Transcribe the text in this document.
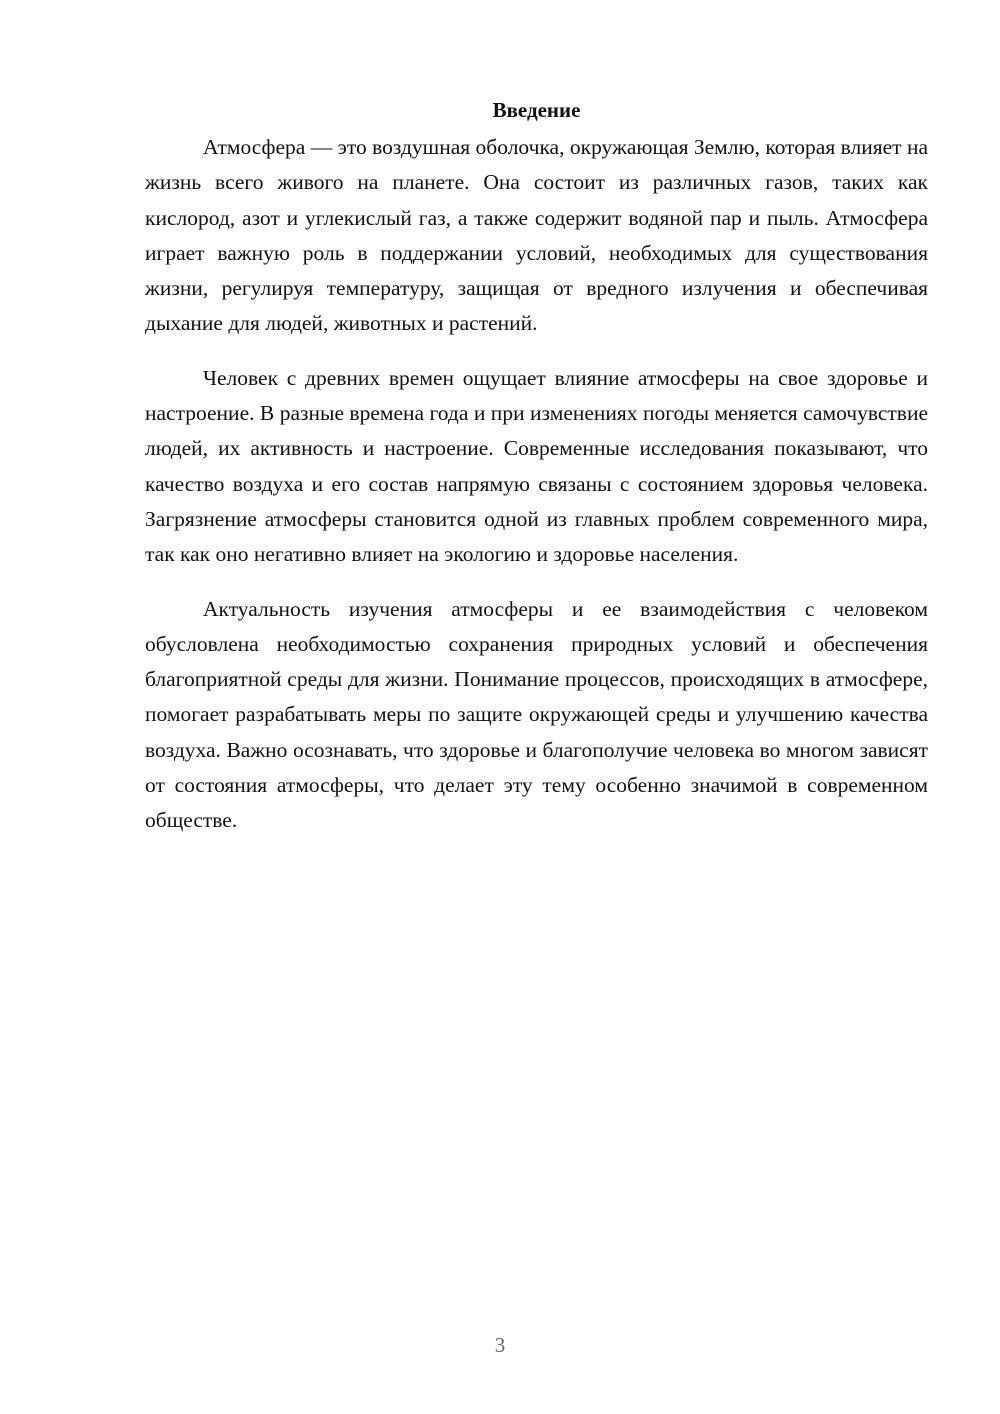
Введение

Атмосфера — это воздушная оболочка, окружающая Землю, которая влияет на жизнь всего живого на планете. Она состоит из различных газов, таких как кислород, азот и углекислый газ, а также содержит водяной пар и пыль. Атмосфера играет важную роль в поддержании условий, необходимых для существования жизни, регулируя температуру, защищая от вредного излучения и обеспечивая дыхание для людей, животных и растений.

Человек с древних времен ощущает влияние атмосферы на свое здоровье и настроение. В разные времена года и при изменениях погоды меняется самочувствие людей, их активность и настроение. Современные исследования показывают, что качество воздуха и его состав напрямую связаны с состоянием здоровья человека. Загрязнение атмосферы становится одной из главных проблем современного мира, так как оно негативно влияет на экологию и здоровье населения.

Актуальность изучения атмосферы и ее взаимодействия с человеком обусловлена необходимостью сохранения природных условий и обеспечения благоприятной среды для жизни. Понимание процессов, происходящих в атмосфере, помогает разрабатывать меры по защите окружающей среды и улучшению качества воздуха. Важно осознавать, что здоровье и благополучие человека во многом зависят от состояния атмосферы, что делает эту тему особенно значимой в современном обществе.

3
